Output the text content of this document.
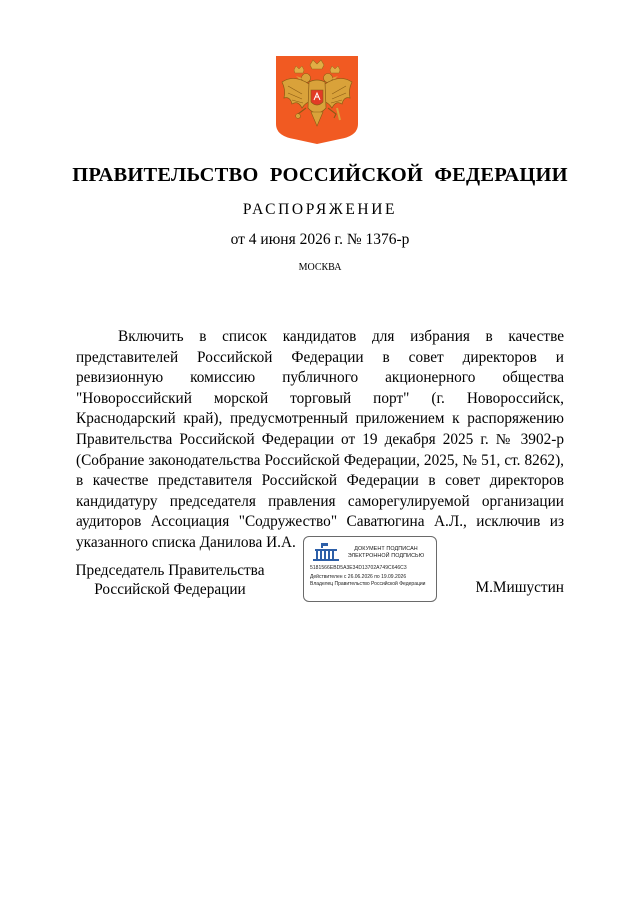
ПРАВИТЕЛЬСТВО РОССИЙСКОЙ ФЕДЕРАЦИИ
РАСПОРЯЖЕНИЕ
от 4 июня 2026 г. № 1376-р
МОСКВА

Включить в список кандидатов для избрания в качестве представителей Российской Федерации в совет директоров и ревизионную комиссию публичного акционерного общества "Новороссийский морской торговый порт" (г. Новороссийск, Краснодарский край), предусмотренный приложением к распоряжению Правительства Российской Федерации от 19 декабря 2025 г. № 3902-р (Собрание законодательства Российской Федерации, 2025, № 51, ст. 8262), в качестве представителя Российской Федерации в совет директоров кандидатуру председателя правления саморегулируемой организации аудиторов Ассоциация "Содружество" Саватюгина А.Л., исключив из указанного списка Данилова И.А.

Председатель Правительства
Российской Федерации
ДОКУМЕНТ ПОДПИСАН
ЭЛЕКТРОННОЙ ПОДПИСЬЮ
5181566EBD5A3E34D13702A749C646C3
Действителен с 26.06.2026 по 19.09.2026
Владелец Правительство Российской Федерации	М.Мишустин
